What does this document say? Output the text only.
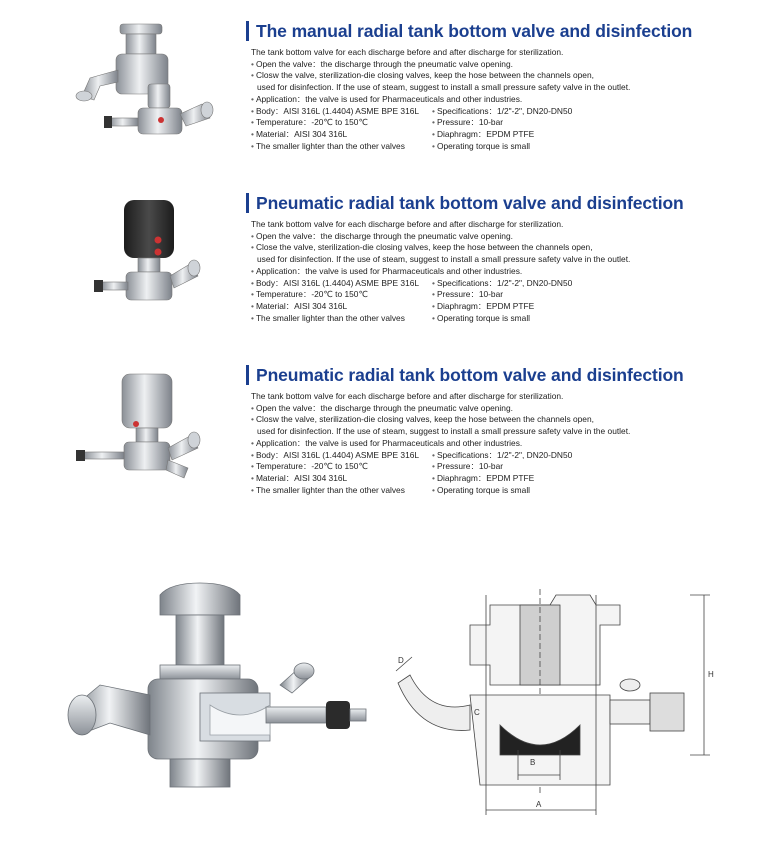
The manual radial tank bottom valve and disinfection

The tank bottom valve for each discharge before and after discharge for sterilization.

• Open the valve：the discharge through the pneumatic valve opening.

• Closw the valve, sterilization-die closing valves, keep the hose between the channels open,

used for disinfection. If the use of steam, suggest to install a small pressure safety valve in the outlet.

• Application：the valve is used for Pharmaceuticals and other industries.

• Body：AISI 316L (1.4404) ASME BPE 316L	• Specifications：1/2"-2", DN20-DN50

• Temperature：-20℃ to 150℃	• Pressure：10-bar

• Material：AISI 304 316L	• Diaphragm：EPDM PTFE

• The smaller lighter than the other valves	• Operating torque is small

Pneumatic radial tank bottom valve and disinfection

The tank bottom valve for each discharge before and after discharge for sterilization.

• Open the valve：the discharge through the pneumatic valve opening.

• Close the valve, sterilization-die closing valves, keep the hose between the channels open,

used for disinfection. If the use of steam, suggest to install a small pressure safety valve in the outlet.

• Application：the valve is used for Pharmaceuticals and other industries.

• Body：AISI 316L (1.4404) ASME BPE 316L	• Specifications：1/2"-2", DN20-DN50

• Temperature：-20℃ to 150℃	• Pressure：10-bar

• Material：AISI 304 316L	• Diaphragm：EPDM PTFE

• The smaller lighter than the other valves	• Operating torque is small

Pneumatic radial tank bottom valve and disinfection

The tank bottom valve for each discharge before and after discharge for sterilization.

• Open the valve：the discharge through the pneumatic valve opening.

• Closw the valve, sterilization-die closing valves, keep the hose between the channels open,

used for disinfection. If the use of steam, suggest to install a small pressure safety valve in the outlet.

• Application：the valve is used for Pharmaceuticals and other industries.

• Body：AISI 316L (1.4404) ASME BPE 316L	• Specifications：1/2"-2", DN20-DN50

• Temperature：-20℃ to 150℃	• Pressure：10-bar

• Material：AISI 304 316L	• Diaphragm：EPDM PTFE

• The smaller lighter than the other valves	• Operating torque is small

B
A
D
C
H
